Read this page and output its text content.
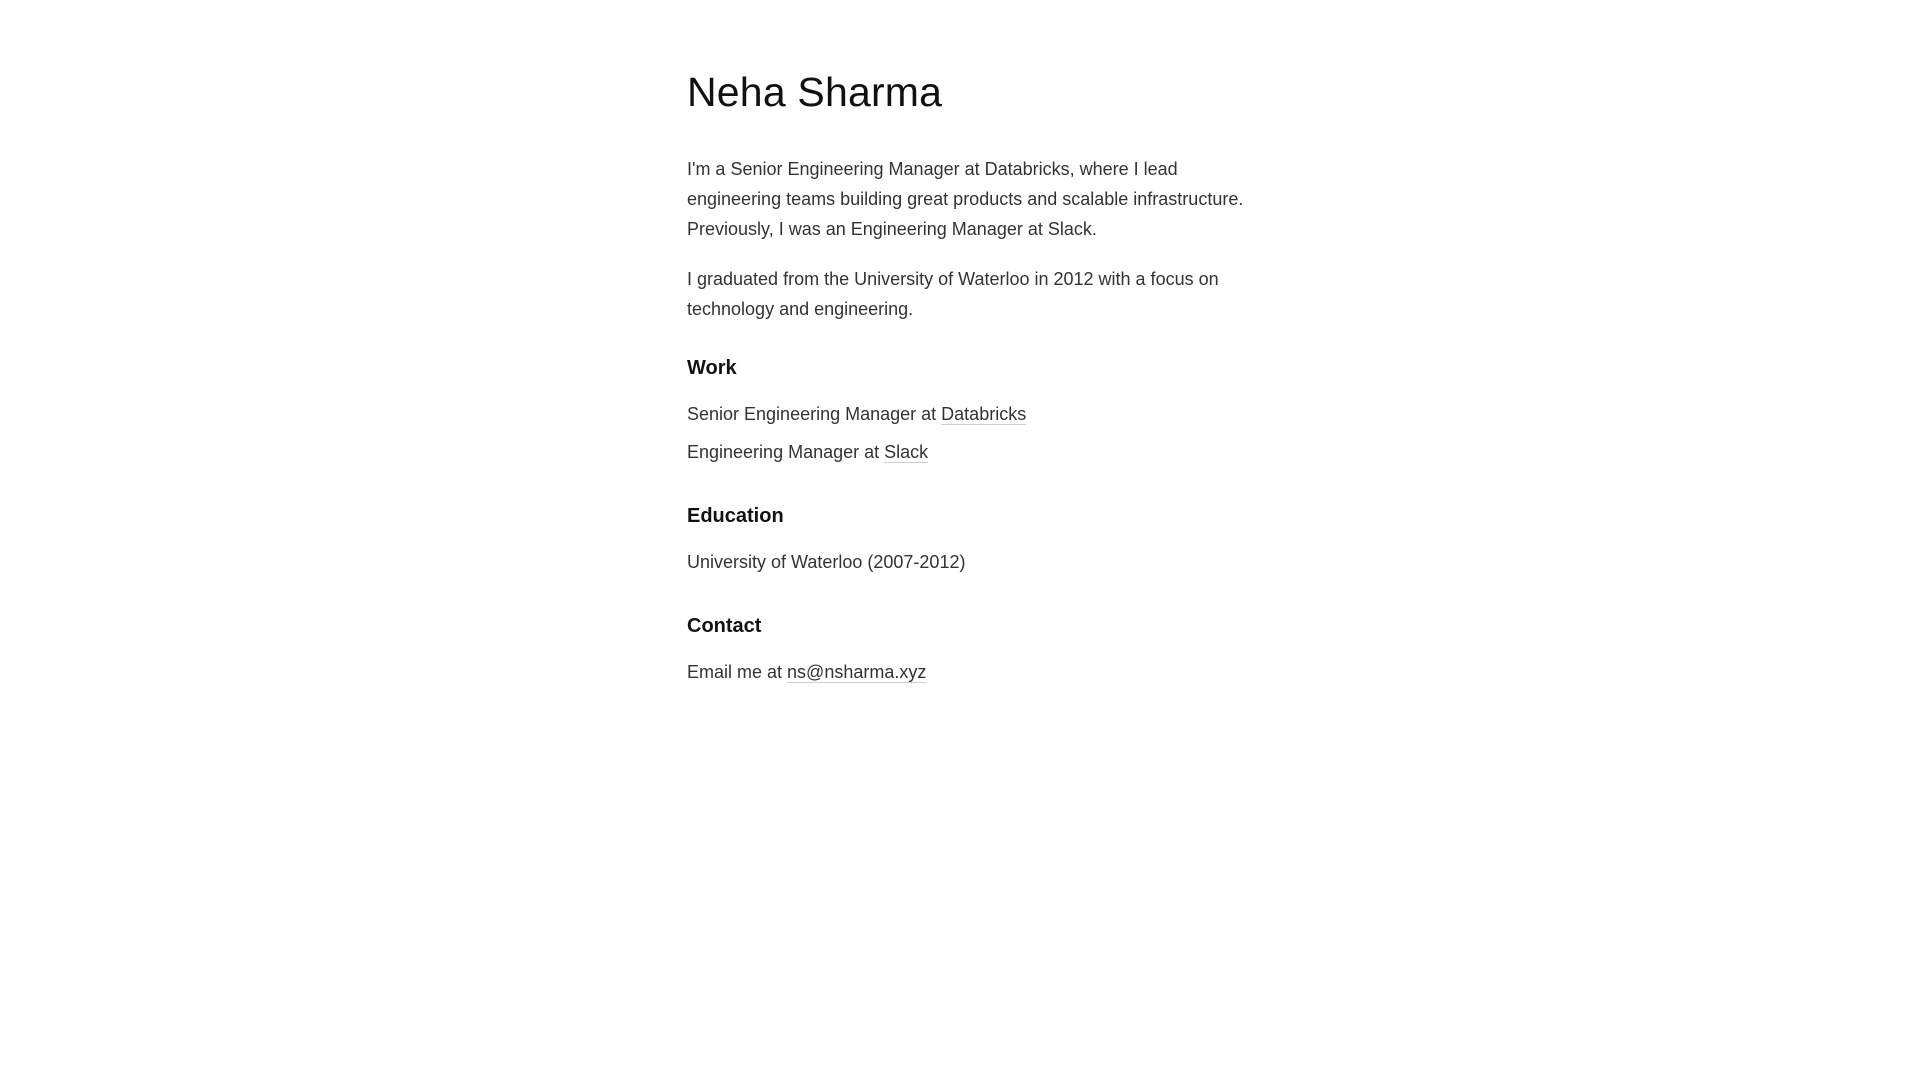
Neha Sharma

I'm a Senior Engineering Manager at Databricks, where I lead engineering teams building great products and scalable infrastructure. Previously, I was an Engineering Manager at Slack.

I graduated from the University of Waterloo in 2012 with a focus on technology and engineering.

Work
Senior Engineering Manager at Databricks
Engineering Manager at Slack
Education
University of Waterloo (2007-2012)
Contact
Email me at ns@nsharma.xyz
